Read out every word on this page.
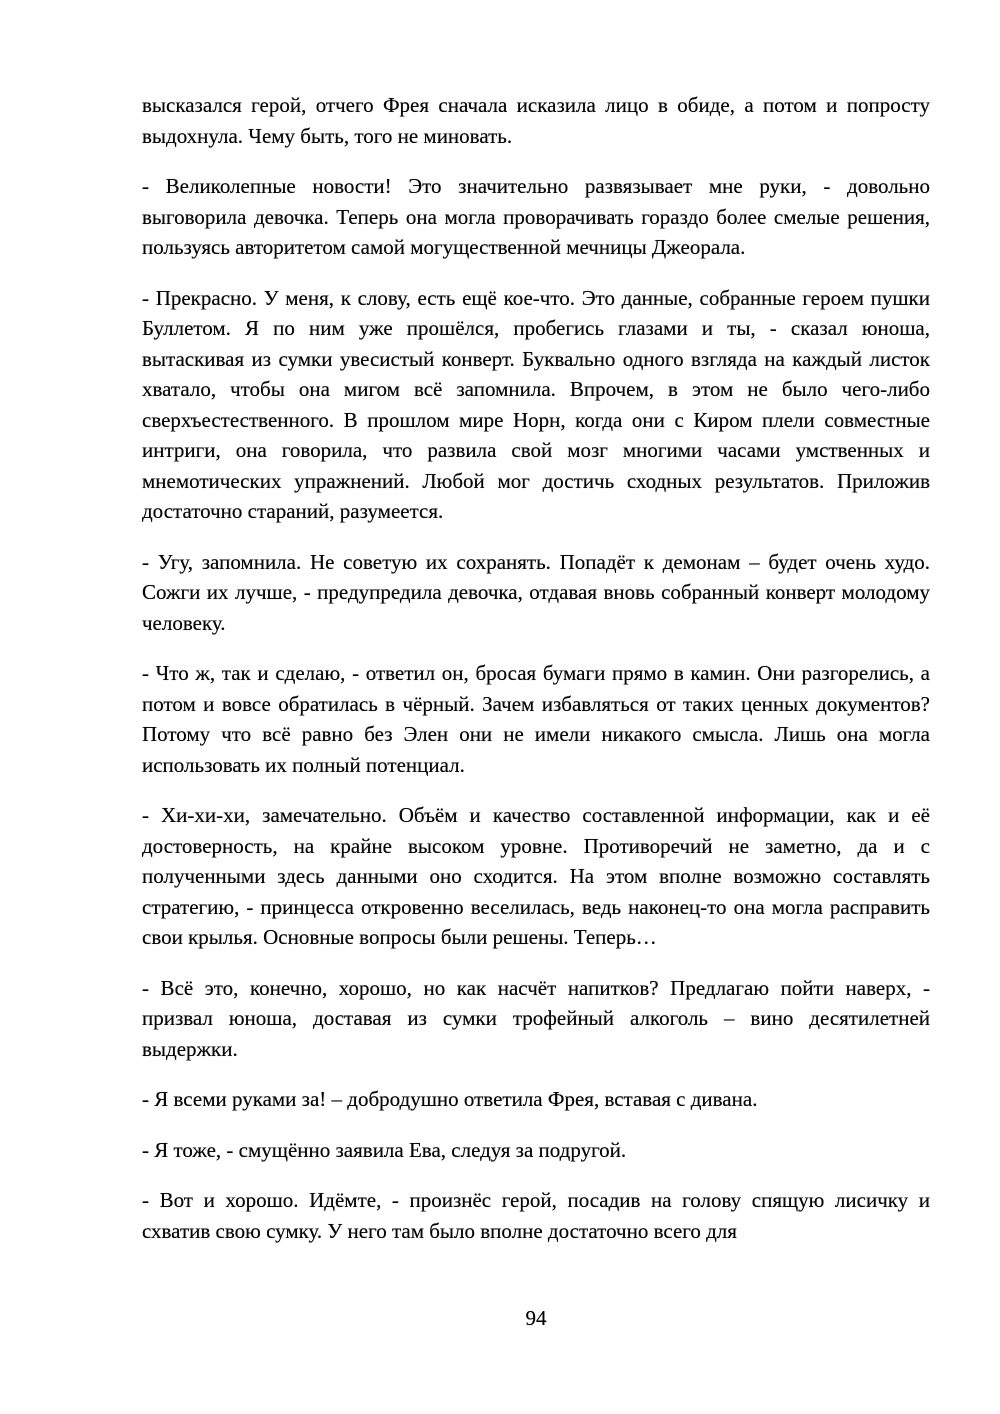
высказался герой, отчего Фрея сначала исказила лицо в обиде, а потом и попросту выдохнула. Чему быть, того не миновать.

- Великолепные новости! Это значительно развязывает мне руки, - довольно выговорила девочка. Теперь она могла проворачивать гораздо более смелые решения, пользуясь авторитетом самой могущественной мечницы Джеорала.

- Прекрасно. У меня, к слову, есть ещё кое-что. Это данные, собранные героем пушки Буллетом. Я по ним уже прошёлся, пробегись глазами и ты, - сказал юноша, вытаскивая из сумки увесистый конверт. Буквально одного взгляда на каждый листок хватало, чтобы она мигом всё запомнила. Впрочем, в этом не было чего-либо сверхъестественного. В прошлом мире Норн, когда они с Киром плели совместные интриги, она говорила, что развила свой мозг многими часами умственных и мнемотических упражнений. Любой мог достичь сходных результатов. Приложив достаточно стараний, разумеется.

- Угу, запомнила. Не советую их сохранять. Попадёт к демонам – будет очень худо. Сожги их лучше, - предупредила девочка, отдавая вновь собранный конверт молодому человеку.

- Что ж, так и сделаю, - ответил он, бросая бумаги прямо в камин. Они разгорелись, а потом и вовсе обратилась в чёрный. Зачем избавляться от таких ценных документов? Потому что всё равно без Элен они не имели никакого смысла. Лишь она могла использовать их полный потенциал.

- Хи-хи-хи, замечательно. Объём и качество составленной информации, как и её достоверность, на крайне высоком уровне. Противоречий не заметно, да и с полученными здесь данными оно сходится. На этом вполне возможно составлять стратегию, - принцесса откровенно веселилась, ведь наконец-то она могла расправить свои крылья. Основные вопросы были решены. Теперь…

- Всё это, конечно, хорошо, но как насчёт напитков? Предлагаю пойти наверх, - призвал юноша, доставая из сумки трофейный алкоголь – вино десятилетней выдержки.

- Я всеми руками за! – добродушно ответила Фрея, вставая с дивана.

- Я тоже, - смущённо заявила Ева, следуя за подругой.

- Вот и хорошо. Идёмте, - произнёс герой, посадив на голову спящую лисичку и схватив свою сумку. У него там было вполне достаточно всего для

94
